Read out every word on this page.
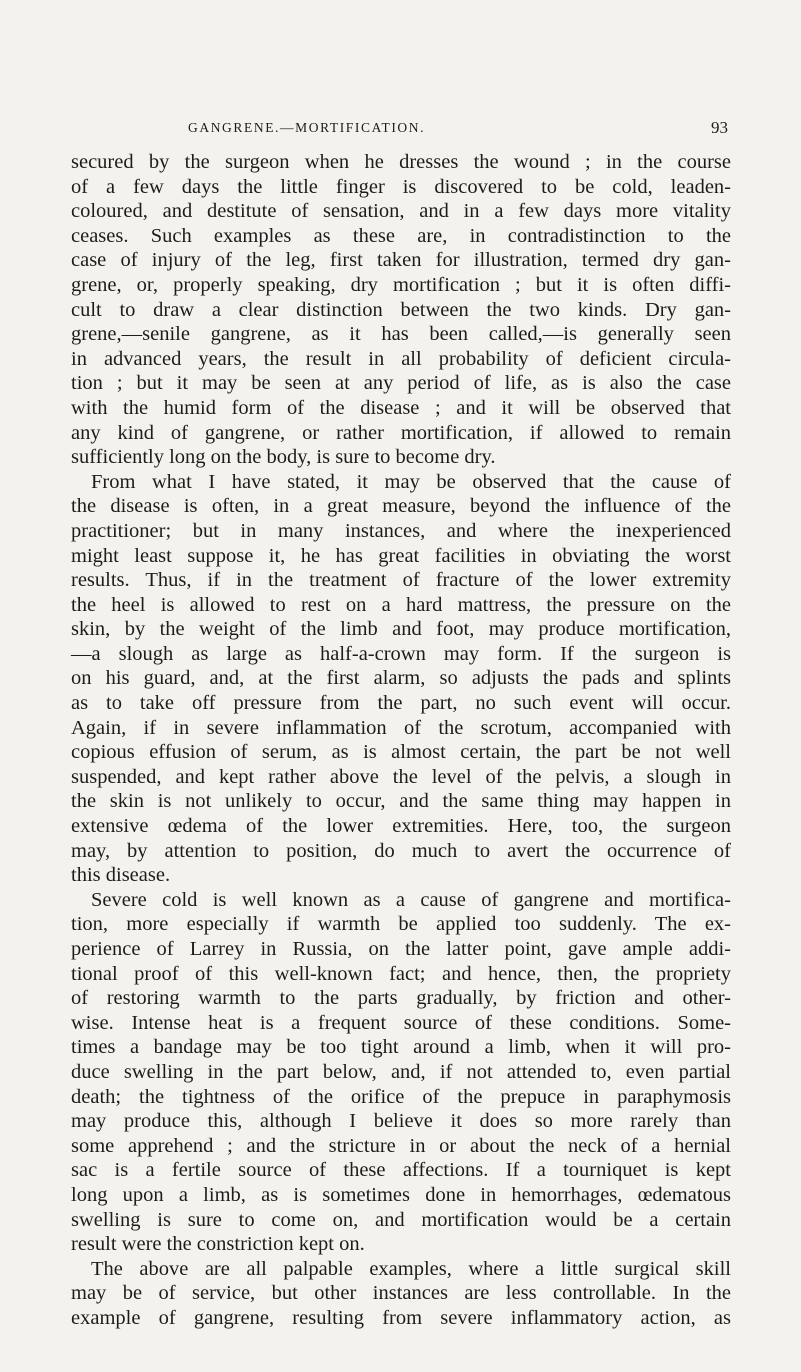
GANGRENE.—MORTIFICATION.	93
secured by the surgeon when he dresses the wound ; in the course
of a few days the little finger is discovered to be cold, leaden-
coloured, and destitute of sensation, and in a few days more vitality
ceases. Such examples as these are, in contradistinction to the
case of injury of the leg, first taken for illustration, termed dry gan-
grene, or, properly speaking, dry mortification ; but it is often diffi-
cult to draw a clear distinction between the two kinds. Dry gan-
grene,—senile gangrene, as it has been called,—is generally seen
in advanced years, the result in all probability of deficient circula-
tion ; but it may be seen at any period of life, as is also the case
with the humid form of the disease ; and it will be observed that
any kind of gangrene, or rather mortification, if allowed to remain
sufficiently long on the body, is sure to become dry.
From what I have stated, it may be observed that the cause of
the disease is often, in a great measure, beyond the influence of the
practitioner; but in many instances, and where the inexperienced
might least suppose it, he has great facilities in obviating the worst
results. Thus, if in the treatment of fracture of the lower extremity
the heel is allowed to rest on a hard mattress, the pressure on the
skin, by the weight of the limb and foot, may produce mortification,
—a slough as large as half-a-crown may form. If the surgeon is
on his guard, and, at the first alarm, so adjusts the pads and splints
as to take off pressure from the part, no such event will occur.
Again, if in severe inflammation of the scrotum, accompanied with
copious effusion of serum, as is almost certain, the part be not well
suspended, and kept rather above the level of the pelvis, a slough in
the skin is not unlikely to occur, and the same thing may happen in
extensive œdema of the lower extremities. Here, too, the surgeon
may, by attention to position, do much to avert the occurrence of
this disease.
Severe cold is well known as a cause of gangrene and mortifica-
tion, more especially if warmth be applied too suddenly. The ex-
perience of Larrey in Russia, on the latter point, gave ample addi-
tional proof of this well-known fact; and hence, then, the propriety
of restoring warmth to the parts gradually, by friction and other-
wise. Intense heat is a frequent source of these conditions. Some-
times a bandage may be too tight around a limb, when it will pro-
duce swelling in the part below, and, if not attended to, even partial
death; the tightness of the orifice of the prepuce in paraphymosis
may produce this, although I believe it does so more rarely than
some apprehend ; and the stricture in or about the neck of a hernial
sac is a fertile source of these affections. If a tourniquet is kept
long upon a limb, as is sometimes done in hemorrhages, œdematous
swelling is sure to come on, and mortification would be a certain
result were the constriction kept on.
The above are all palpable examples, where a little surgical skill
may be of service, but other instances are less controllable. In the
example of gangrene, resulting from severe inflammatory action, as
